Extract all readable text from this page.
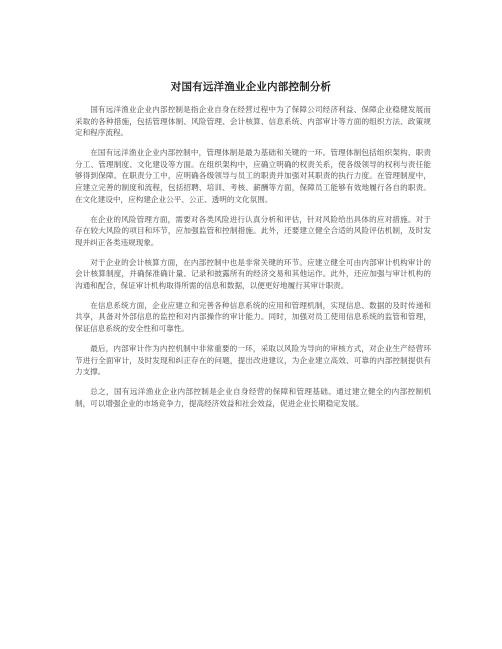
对国有远洋渔业企业内部控制分析

国有远洋渔业企业内部控制是指企业自身在经营过程中为了保障公司经济利益、保障企业稳健发展而采取的各种措施，包括管理体制、风险管理、会计核算、信息系统、内部审计等方面的组织方法、政策规定和程序流程。

在国有远洋渔业企业内部控制中，管理体制是最为基础和关键的一环。管理体制包括组织架构、职责分工、管理制度、文化建设等方面。在组织架构中，应确立明确的权责关系，使各级领导的权利与责任能够得到保障。在职责分工中，应明确各级领导与员工的职责并加强对其职责的执行力度。在管理制度中，应建立完善的制度和流程，包括招聘、培训、考核、薪酬等方面，保障员工能够有效地履行各自的职责。在文化建设中，应构建企业公平、公正、透明的文化氛围。

在企业的风险管理方面，需要对各类风险进行认真分析和评估，针对风险给出具体的应对措施。对于存在较大风险的项目和环节，应加强监管和控制措施。此外，还要建立健全合适的风险评估机制，及时发现并纠正各类违规现象。

对于企业的会计核算方面，在内部控制中也是非常关键的环节。应建立健全可由内部审计机构审计的会计核算制度，并确保准确计量、记录和披露所有的经济交易和其他运作。此外，还应加强与审计机构的沟通和配合，保证审计机构取得所需的信息和数据，以便更好地履行其审计职责。

在信息系统方面，企业应建立和完善各种信息系统的应用和管理机制，实现信息、数据的及时传递和共享，具备对外部信息的监控和对内部操作的审计能力。同时，加强对员工使用信息系统的监管和管理，保证信息系统的安全性和可靠性。

最后，内部审计作为内控机制中非常重要的一环，采取以风险为导向的审核方式，对企业生产经营环节进行全面审计，及时发现和纠正存在的问题，提出改进建议，为企业建立高效、可靠的内部控制提供有力支撑。

总之，国有远洋渔业企业内部控制是企业自身经营的保障和管理基础。通过建立健全的内部控制机制，可以增强企业的市场竞争力，提高经济效益和社会效益，促进企业长期稳定发展。
